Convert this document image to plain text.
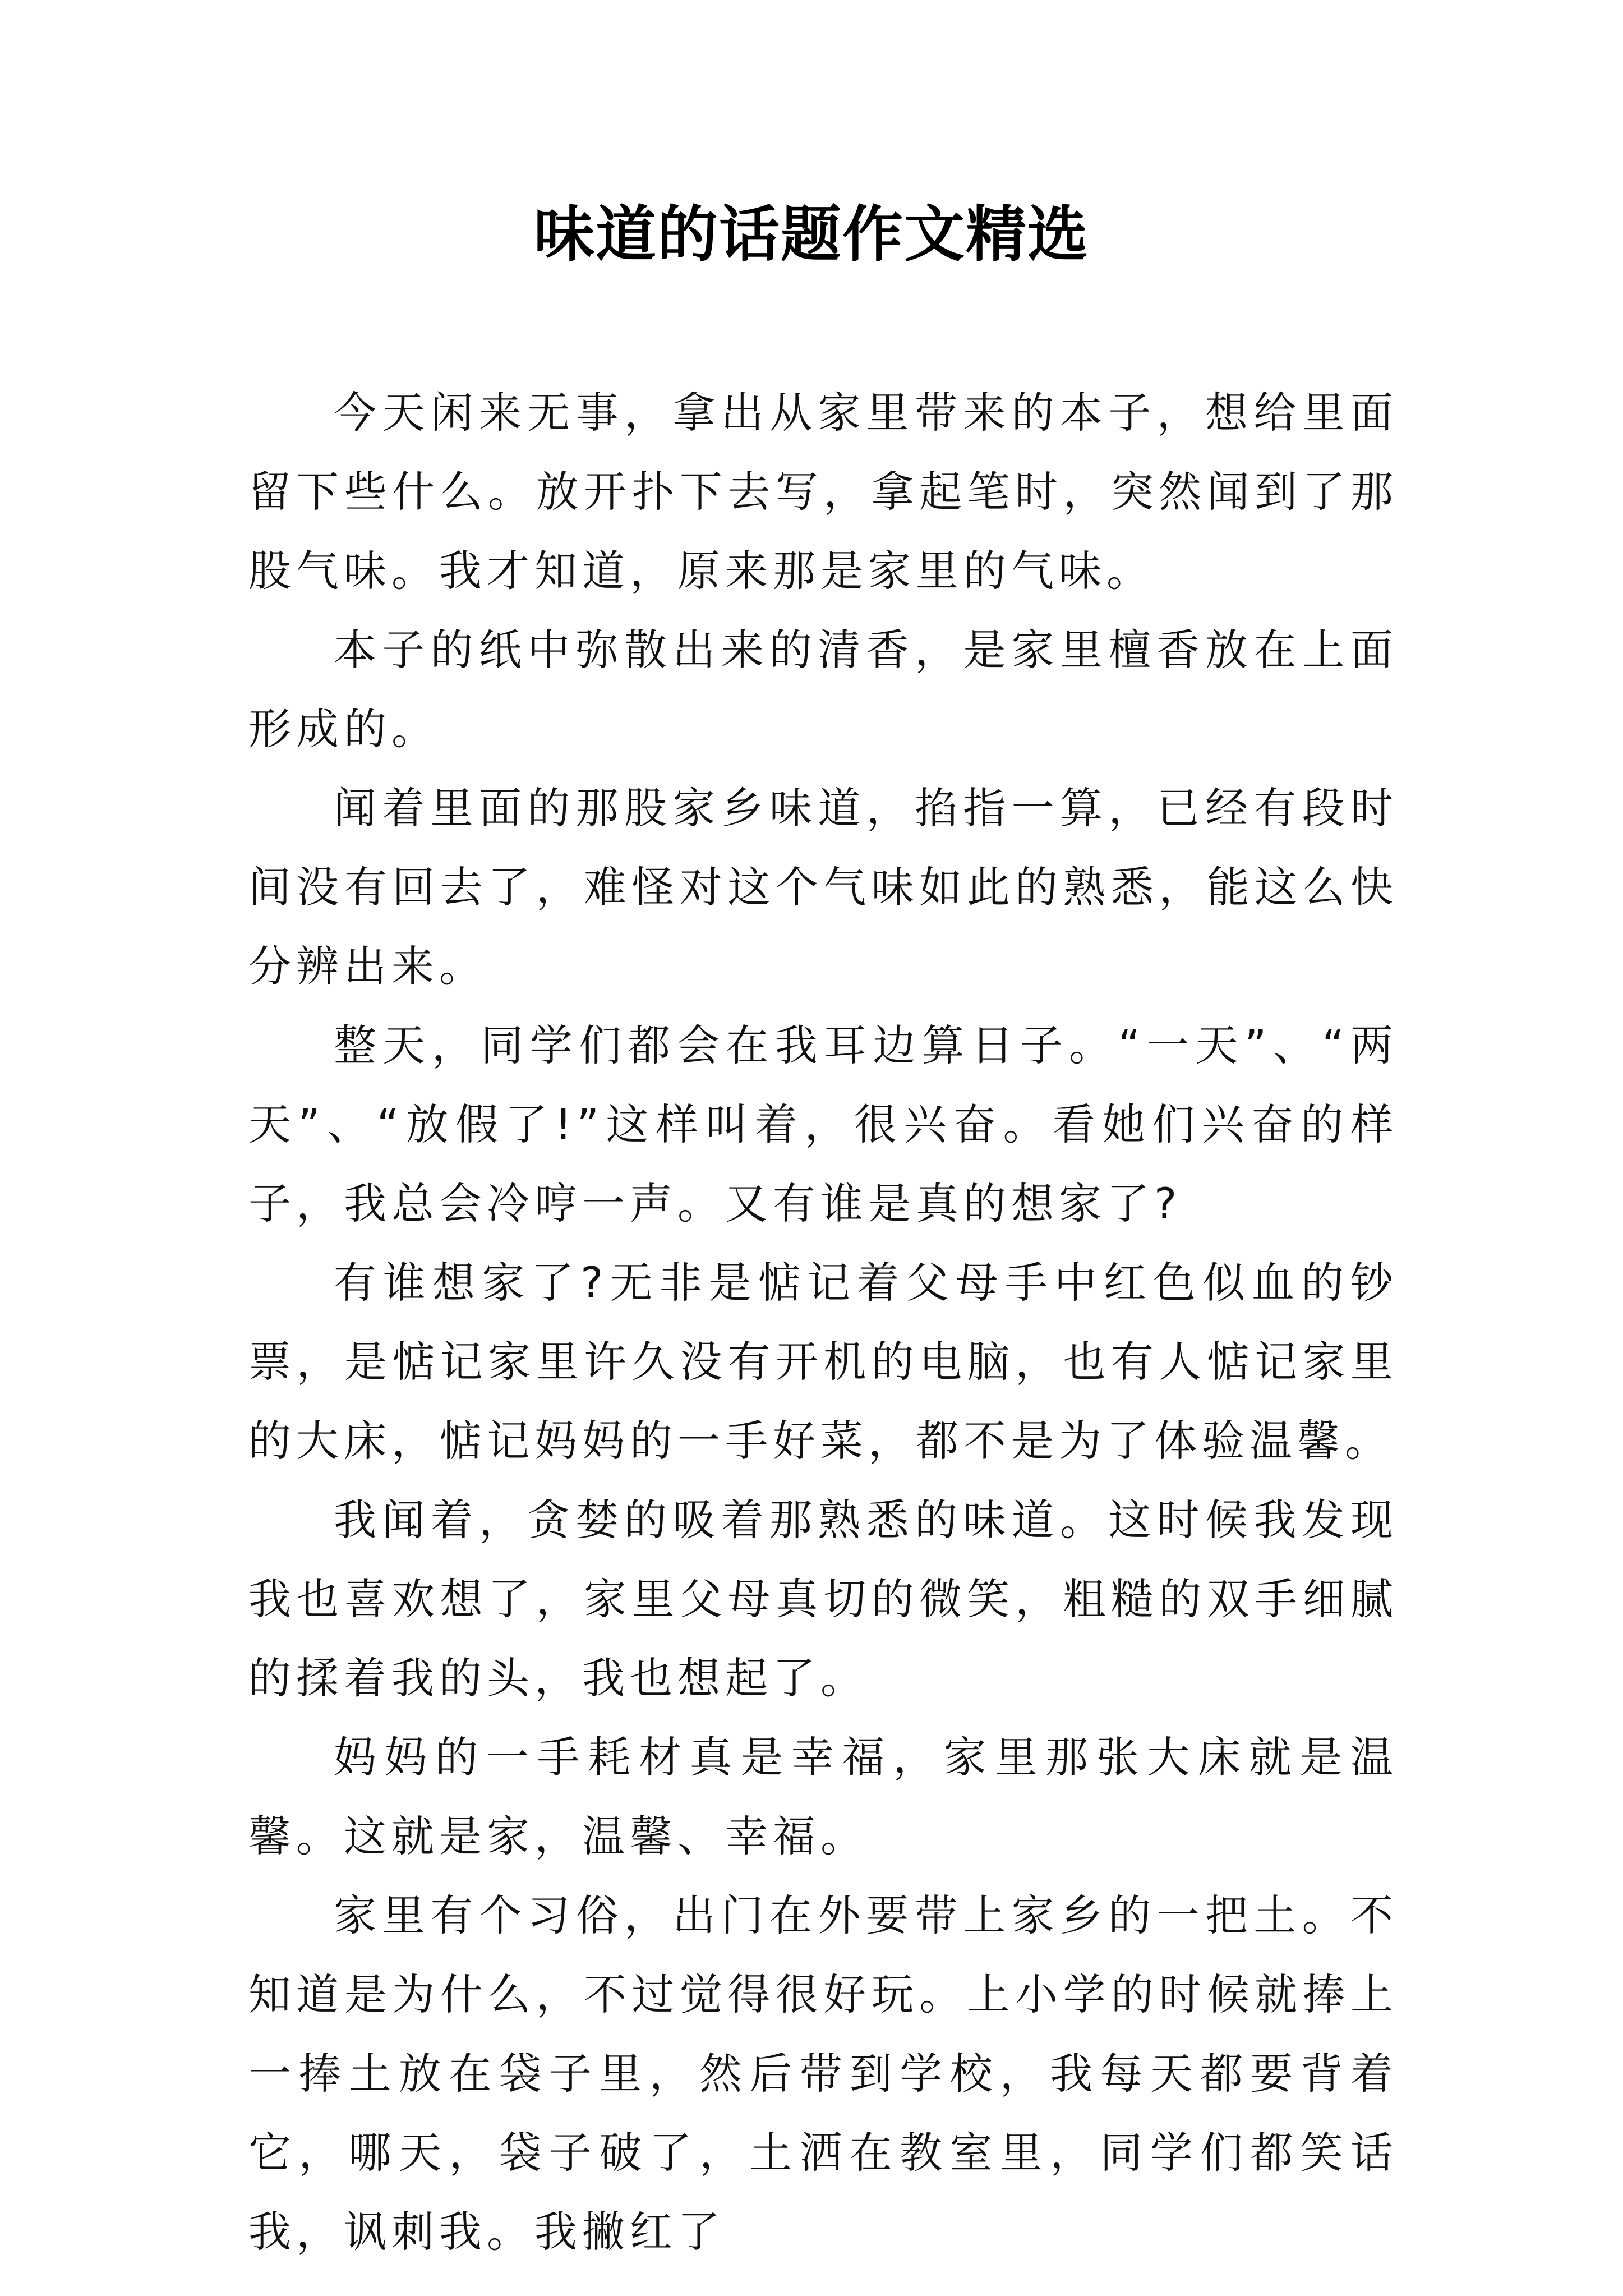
味道的话题作文精选

今天闲来无事，拿出从家里带来的本子，想给里面留下些什么。放开扑下去写，拿起笔时，突然闻到了那股气味。我才知道，原来那是家里的气味。

本子的纸中弥散出来的清香，是家里檀香放在上面形成的。

闻着里面的那股家乡味道，掐指一算，已经有段时间没有回去了，难怪对这个气味如此的熟悉，能这么快分辨出来。

整天，同学们都会在我耳边算日子。“一天”、“两天”、“放假了!”这样叫着，很兴奋。看她们兴奋的样子，我总会冷哼一声。又有谁是真的想家了?

有谁想家了?无非是惦记着父母手中红色似血的钞票，是惦记家里许久没有开机的电脑，也有人惦记家里的大床，惦记妈妈的一手好菜，都不是为了体验温馨。

我闻着，贪婪的吸着那熟悉的味道。这时候我发现我也喜欢想了，家里父母真切的微笑，粗糙的双手细腻的揉着我的头，我也想起了。

妈妈的一手耗材真是幸福，家里那张大床就是温馨。这就是家，温馨、幸福。

家里有个习俗，出门在外要带上家乡的一把土。不知道是为什么，不过觉得很好玩。上小学的时候就捧上一捧土放在袋子里，然后带到学校，我每天都要背着它，哪天，袋子破了，土洒在教室里，同学们都笑话我，讽刺我。我撇红了
